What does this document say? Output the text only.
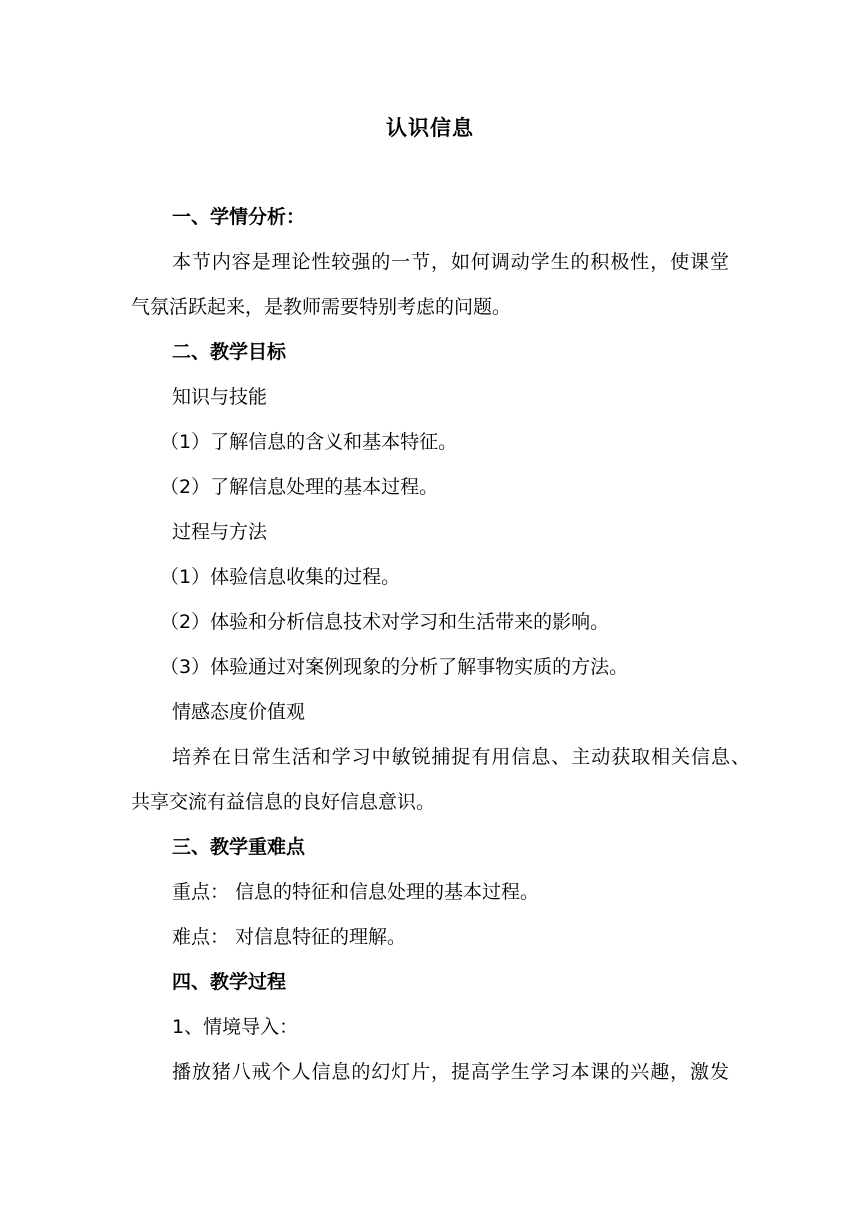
认识信息
一、学情分析：
本节内容是理论性较强的一节，如何调动学生的积极性，使课堂
气氛活跃起来，是教师需要特别考虑的问题。
二、教学目标
知识与技能
（1）了解信息的含义和基本特征。
（2）了解信息处理的基本过程。
过程与方法
（1）体验信息收集的过程。
（2）体验和分析信息技术对学习和生活带来的影响。
（3）体验通过对案例现象的分析了解事物实质的方法。
情感态度价值观
培养在日常生活和学习中敏锐捕捉有用信息、主动获取相关信息、
共享交流有益信息的良好信息意识。
三、教学重难点
重点： 信息的特征和信息处理的基本过程。
难点： 对信息特征的理解。
四、教学过程
1、情境导入：
播放猪八戒个人信息的幻灯片，提高学生学习本课的兴趣，激发
